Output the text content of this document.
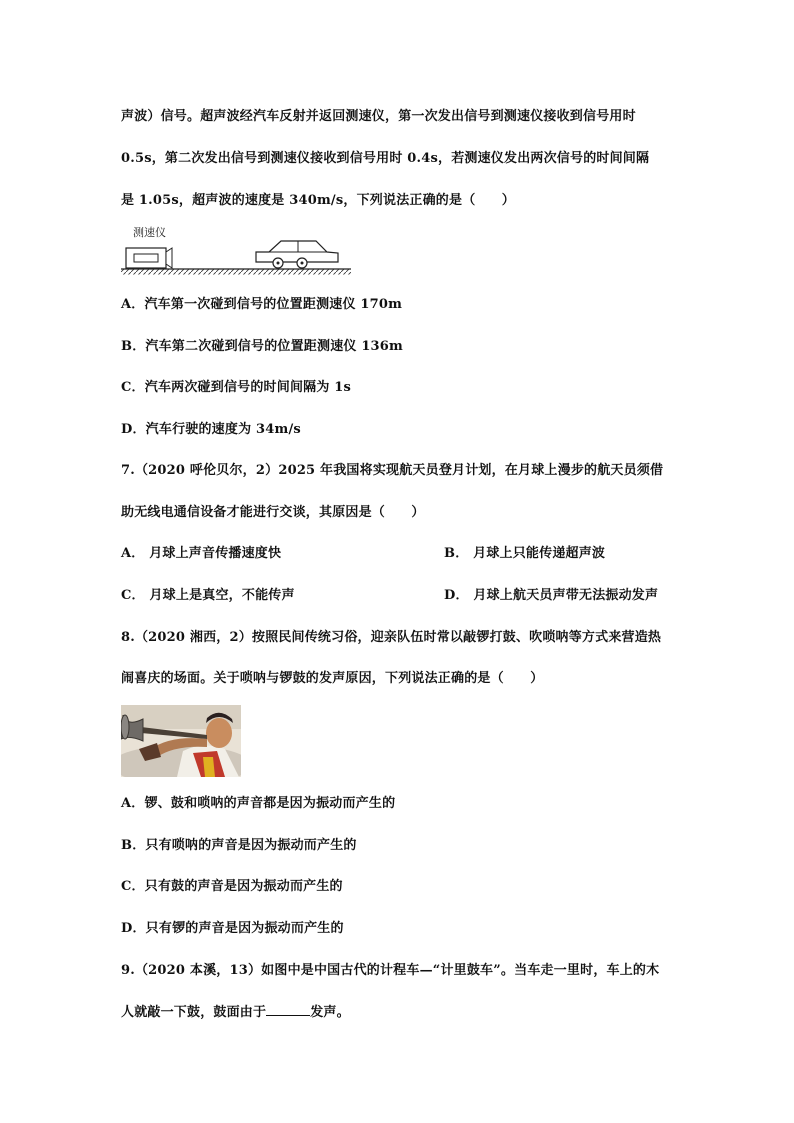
声波）信号。超声波经汽车反射并返回测速仪，第一次发出信号到测速仪接收到信号用时

0.5s，第二次发出信号到测速仪接收到信号用时 0.4s，若测速仪发出两次信号的时间间隔

是 1.05s，超声波的速度是 340m/s，下列说法正确的是（　　）

测速仪

A．汽车第一次碰到信号的位置距测速仪 170m

B．汽车第二次碰到信号的位置距测速仪 136m

C．汽车两次碰到信号的时间间隔为 1s

D．汽车行驶的速度为 34m/s

7.（2020 呼伦贝尔，2）2025 年我国将实现航天员登月计划，在月球上漫步的航天员须借

助无线电通信设备才能进行交谈，其原因是（　　）

A． 月球上声音传播速度快	B． 月球上只能传递超声波

C． 月球上是真空，不能传声	D． 月球上航天员声带无法振动发声

8.（2020 湘西，2）按照民间传统习俗，迎亲队伍时常以敲锣打鼓、吹唢呐等方式来营造热

闹喜庆的场面。关于唢呐与锣鼓的发声原因，下列说法正确的是（　　）

A．锣、鼓和唢呐的声音都是因为振动而产生的

B．只有唢呐的声音是因为振动而产生的

C．只有鼓的声音是因为振动而产生的

D．只有锣的声音是因为振动而产生的

9.（2020 本溪，13）如图中是中国古代的计程车—“计里鼓车”。当车走一里时，车上的木

人就敲一下鼓，鼓面由于	发声。
